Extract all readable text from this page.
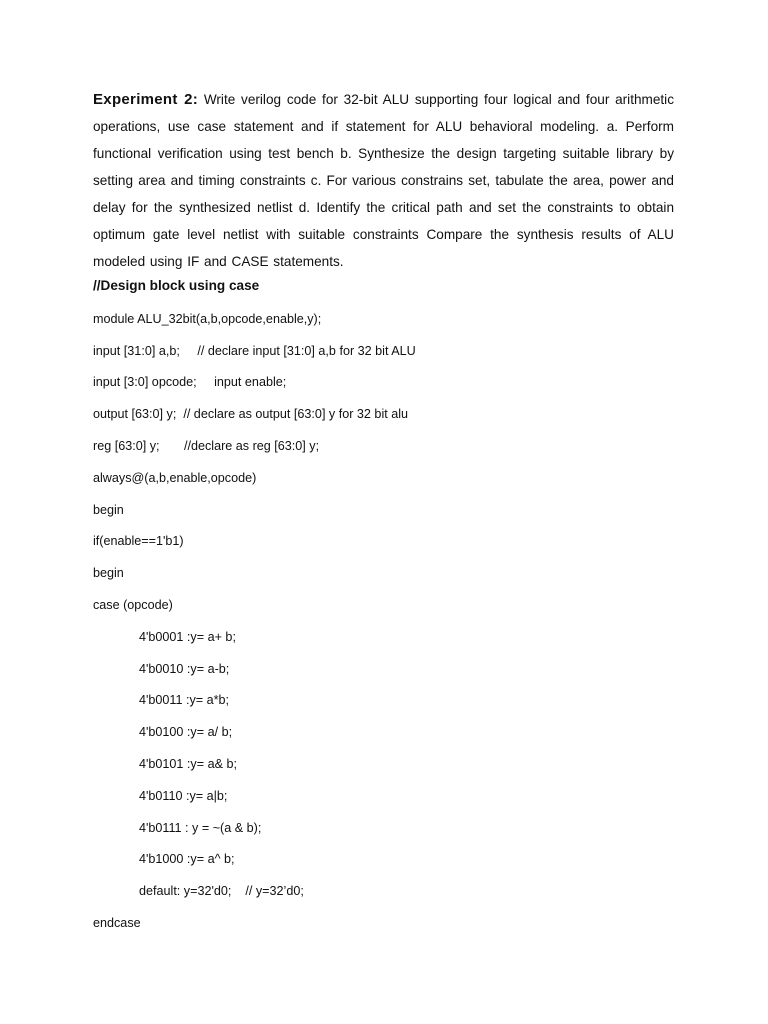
Experiment 2: Write verilog code for 32-bit ALU supporting four logical and four arithmetic operations, use case statement and if statement for ALU behavioral modeling. a. Perform functional verification using test bench b. Synthesize the design targeting suitable library by setting area and timing constraints c. For various constrains set, tabulate the area, power and delay for the synthesized netlist d. Identify the critical path and set the constraints to obtain optimum gate level netlist with suitable constraints Compare the synthesis results of ALU modeled using IF and CASE statements.

//Design block using case

module ALU_32bit(a,b,opcode,enable,y);

input [31:0] a,b;     // declare input [31:0] a,b for 32 bit ALU

input [3:0] opcode;     input enable;

output [63:0] y;  // declare as output [63:0] y for 32 bit alu

reg [63:0] y;       //declare as reg [63:0] y;

always@(a,b,enable,opcode)

begin

if(enable==1'b1)

begin

case (opcode)

4'b0001 :y= a+ b;

4'b0010 :y= a-b;

4'b0011 :y= a*b;

4'b0100 :y= a/ b;

4'b0101 :y= a& b;

4'b0110 :y= a|b;

4'b0111 : y = ~(a & b);

4'b1000 :y= a^ b;

default: y=32'd0;    // y=32’d0;

endcase
